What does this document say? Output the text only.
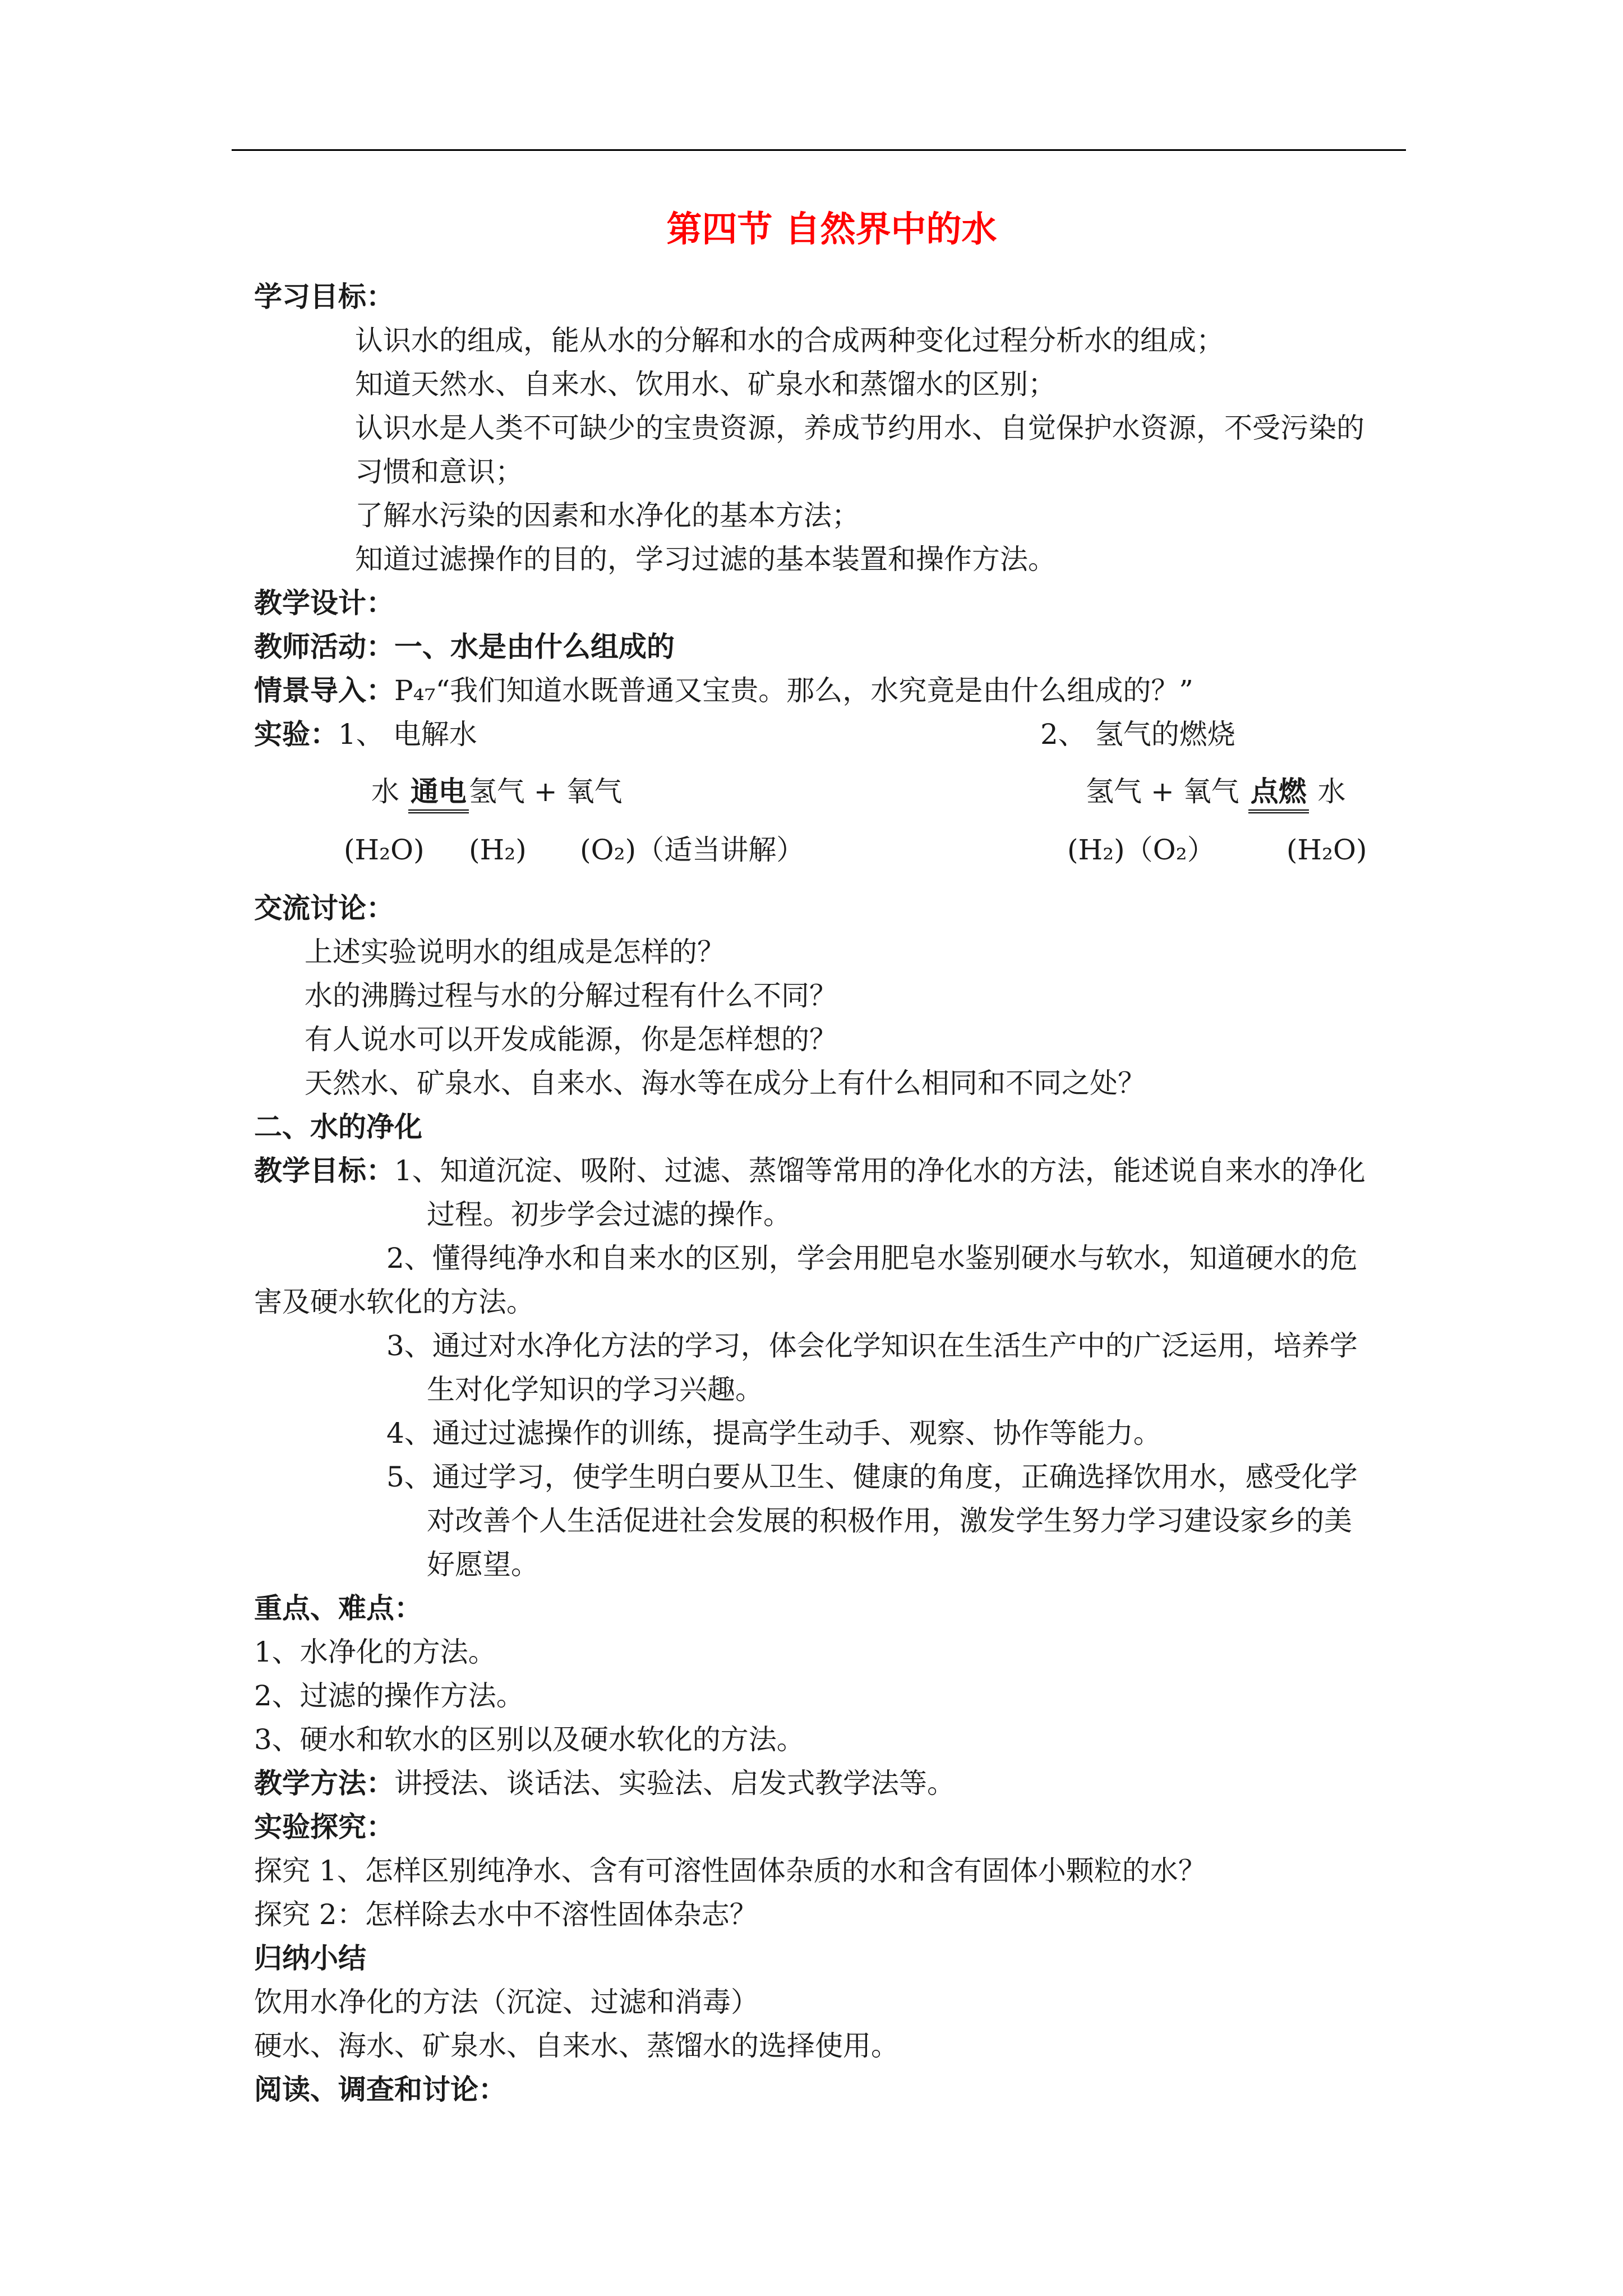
第四节 自然界中的水
学习目标：
认识水的组成，能从水的分解和水的合成两种变化过程分析水的组成；
知道天然水、自来水、饮用水、矿泉水和蒸馏水的区别；
认识水是人类不可缺少的宝贵资源，养成节约用水、自觉保护水资源，不受污染的
习惯和意识；
了解水污染的因素和水净化的基本方法；
知道过滤操作的目的，学习过滤的基本装置和操作方法。
教学设计：
教师活动：一、水是由什么组成的
情景导入：P₄₇“我们知道水既普通又宝贵。那么，水究竟是由什么组成的？”
实验：1、 电解水	2、 氢气的燃烧
水 通电氢气 + 氧气	氢气 + 氧气 点燃 水
(H₂O)     (H₂)      (O₂)（适当讲解）	(H₂)（O₂）        (H₂O)
交流讨论：
上述实验说明水的组成是怎样的？
水的沸腾过程与水的分解过程有什么不同？
有人说水可以开发成能源，你是怎样想的？
天然水、矿泉水、自来水、海水等在成分上有什么相同和不同之处？
二、水的净化
教学目标：1、知道沉淀、吸附、过滤、蒸馏等常用的净化水的方法，能述说自来水的净化
过程。初步学会过滤的操作。
2、懂得纯净水和自来水的区别，学会用肥皂水鉴别硬水与软水，知道硬水的危
害及硬水软化的方法。
3、通过对水净化方法的学习，体会化学知识在生活生产中的广泛运用，培养学
生对化学知识的学习兴趣。
4、通过过滤操作的训练，提高学生动手、观察、协作等能力。
5、通过学习，使学生明白要从卫生、健康的角度，正确选择饮用水，感受化学
对改善个人生活促进社会发展的积极作用，激发学生努力学习建设家乡的美
好愿望。
重点、难点：
1、水净化的方法。
2、过滤的操作方法。
3、硬水和软水的区别以及硬水软化的方法。
教学方法：讲授法、谈话法、实验法、启发式教学法等。
实验探究：
探究 1、怎样区别纯净水、含有可溶性固体杂质的水和含有固体小颗粒的水？
探究 2：怎样除去水中不溶性固体杂志？
归纳小结
饮用水净化的方法（沉淀、过滤和消毒）
硬水、海水、矿泉水、自来水、蒸馏水的选择使用。
阅读、调查和讨论：
